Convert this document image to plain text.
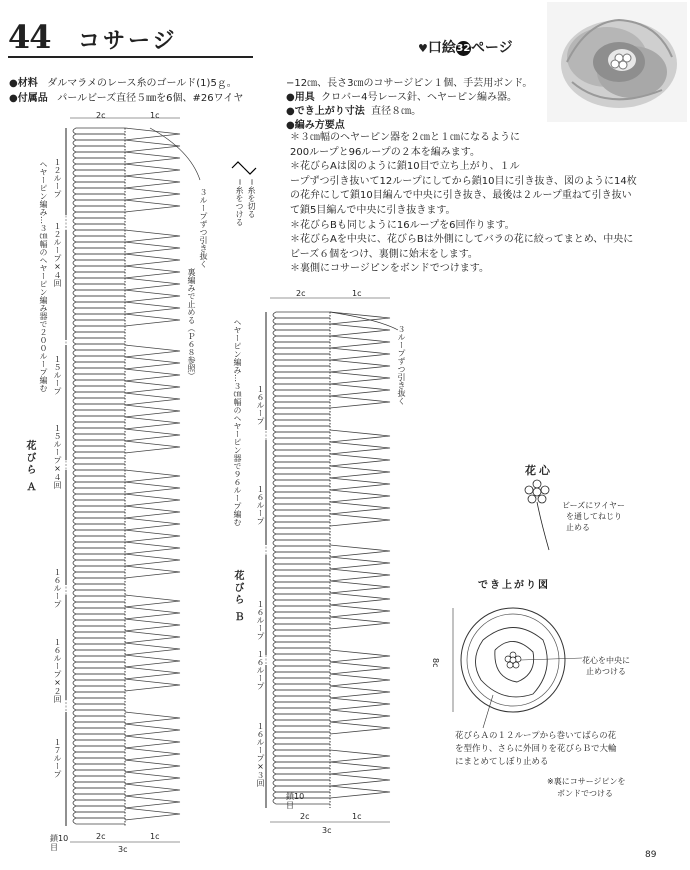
44 コサージ	♥口絵32ページ
●材料 ダルマラメのレース糸のゴールド(1)5ｇ。
●付属品 パールビーズ直径５㎜を6個、#26ワイヤ
−12㎝、長さ3㎝のコサージピン１個、手芸用ボンド。
●用具 クロバー4号レース針、ヘヤーピン編み器。
●でき上がり寸法 直径８㎝。
●編み方要点
＊３㎝幅のヘヤーピン器を２㎝と１㎝になるように
200ループと96ループの２本を編みます。
＊花びらAは図のように鎖10目で立ち上がり、１ル
ープずつ引き抜いて12ループにしてから鎖10目に引き抜き、図のように14枚
の花弁にして鎖10目編んで中央に引き抜き、最後は２ループ重ねて引き抜い
て鎖5目編んで中央に引き抜きます。
＊花びらBも同じように16ループを6回作ります。
＊花びらAを中央に、花びらBは外側にしてバラの花に絞ってまとめ、中央に
ビーズ６個をつけ、裏側に始末をします。
＊裏側にコサージピンをボンドでつけます。
花びら Ａ
ヘヤーピン編み…３㎝幅のヘヤーピン編み器で２００ループ編む １２ループ
１２ループ×４回
１５ループ
１５ループ×４回
１６ループ
１６ループ×２回
１７ループ
３ループずつ引き抜く	＝糸をつける ＝糸を切る
裏編みで止める（Ｐ６８参照）
鎖10目
2c	1c
2c	1c
3c
花びら Ｂ
ヘヤーピン編み…３㎝幅のヘヤーピン器で９６ループ編む １６ループ
１６ループ
１６ループ
１６ループ
１６ループ×３回
３ループずつ引き抜く
鎖10目
2c	1c
2c	1c
3c
花心
ビーズにワイヤー
を通してねじり
止める
でき上がり図
8c	花心を中央に
止めつける
花びらＡの１２ループから巻いてばらの花
を型作り、さらに外回りを花びらＢで大輪
にまとめてしぼり止める
※裏にコサージピンを
ボンドでつける
89
